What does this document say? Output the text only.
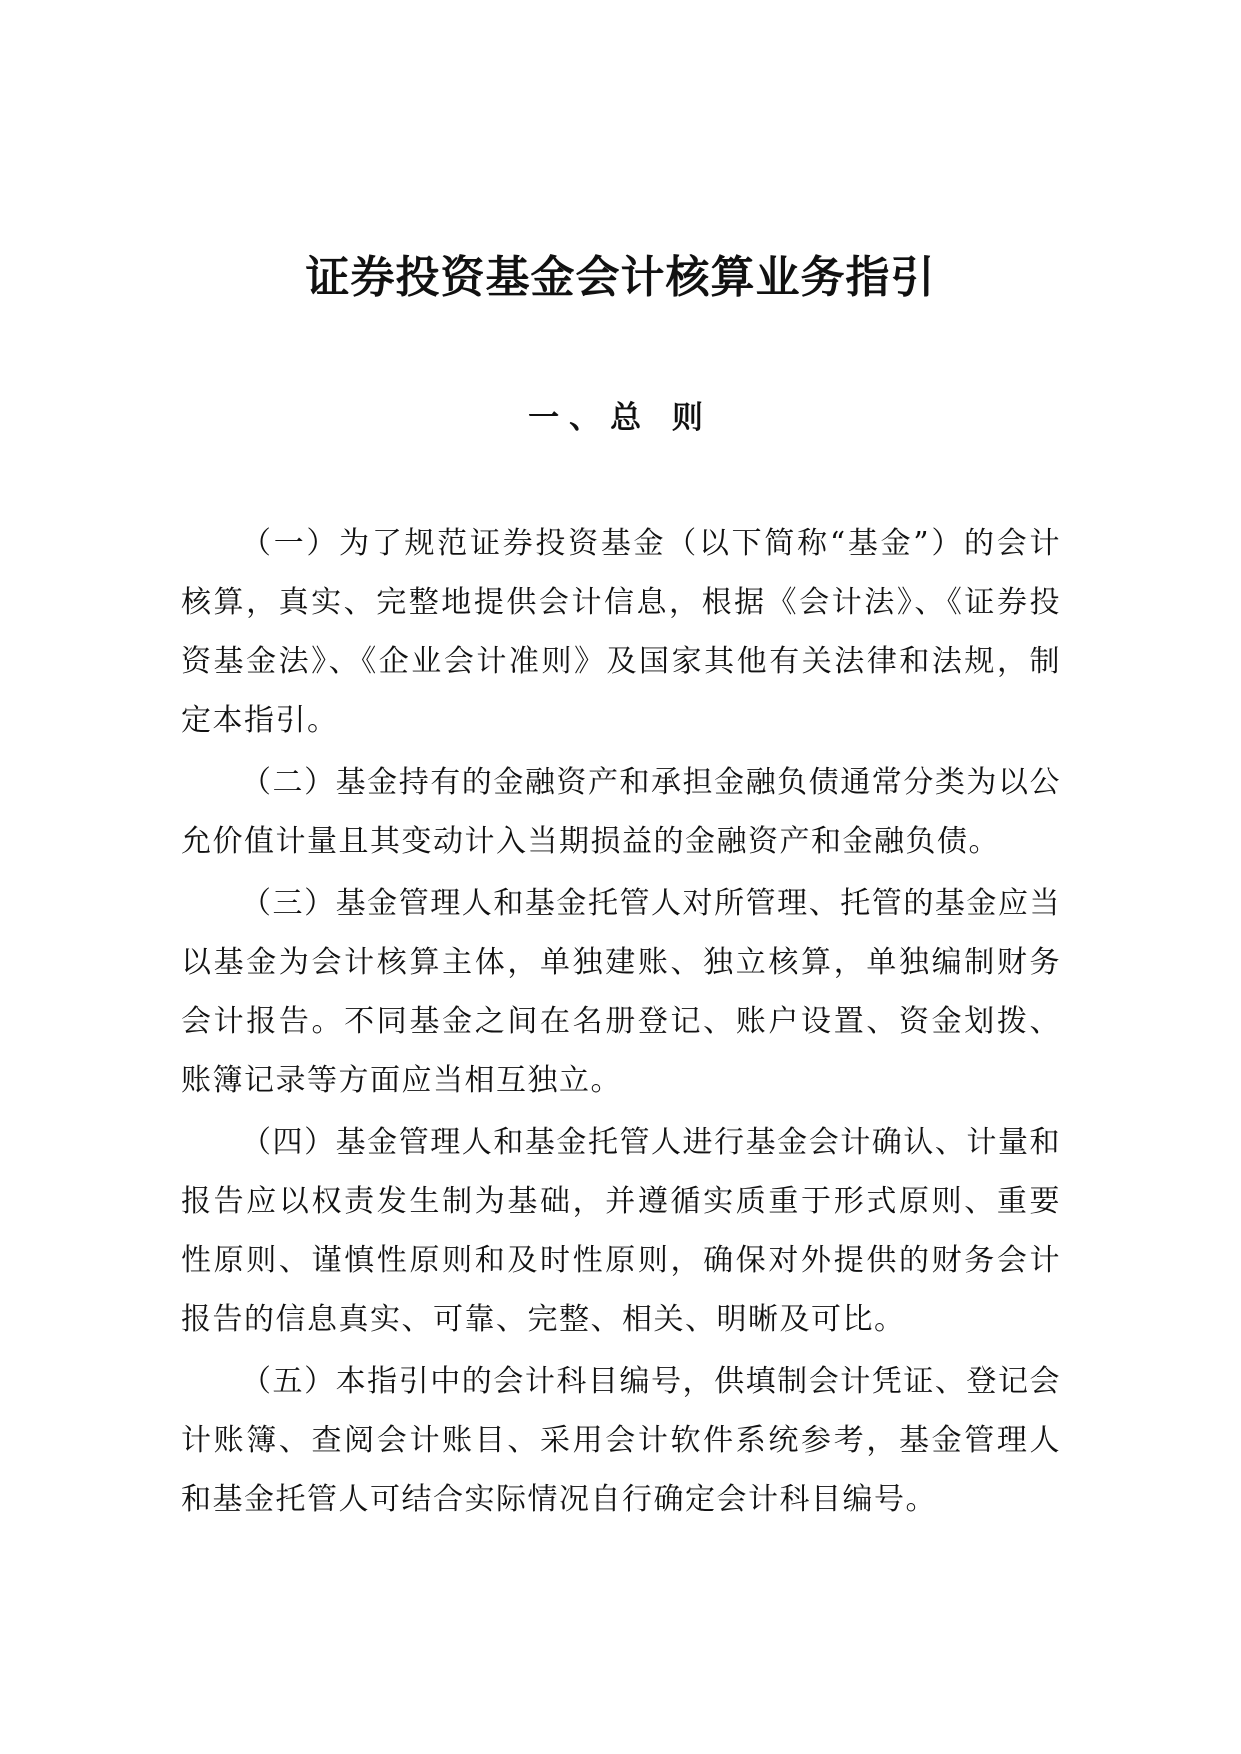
证券投资基金会计核算业务指引
一、总 则

（一）为了规范证券投资基金（以下简称“基金”）的会计核算，真实、完整地提供会计信息，根据《会计法》、《证券投资基金法》、《企业会计准则》及国家其他有关法律和法规，制定本指引。

（二）基金持有的金融资产和承担金融负债通常分类为以公允价值计量且其变动计入当期损益的金融资产和金融负债。

（三）基金管理人和基金托管人对所管理、托管的基金应当以基金为会计核算主体，单独建账、独立核算，单独编制财务会计报告。不同基金之间在名册登记、账户设置、资金划拨、账簿记录等方面应当相互独立。

（四）基金管理人和基金托管人进行基金会计确认、计量和报告应以权责发生制为基础，并遵循实质重于形式原则、重要性原则、谨慎性原则和及时性原则，确保对外提供的财务会计报告的信息真实、可靠、完整、相关、明晰及可比。

（五）本指引中的会计科目编号，供填制会计凭证、登记会计账簿、查阅会计账目、采用会计软件系统参考，基金管理人和基金托管人可结合实际情况自行确定会计科目编号。
